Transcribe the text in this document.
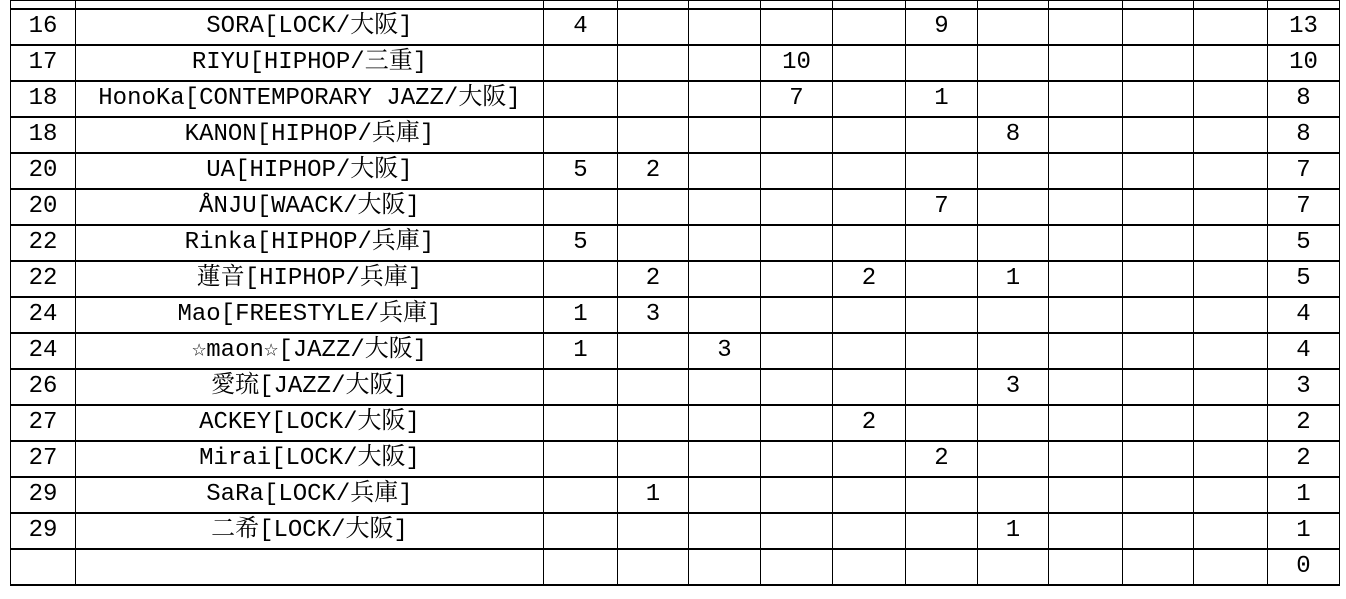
16	SORA[LOCK/大阪]	4					9					13
17	RIYU[HIPHOP/三重]				10							10
18	HonoKa[CONTEMPORARY JAZZ/大阪]				7		1					8
18	KANON[HIPHOP/兵庫]							8				8
20	UA[HIPHOP/大阪]	5	2									7
20	ÅNJU[WAACK/大阪]						7					7
22	Rinka[HIPHOP/兵庫]	5										5
22	蓮音[HIPHOP/兵庫]		2			2		1				5
24	Mao[FREESTYLE/兵庫]	1	3									4
24	☆maon☆[JAZZ/大阪]	1		3								4
26	愛琉[JAZZ/大阪]							3				3
27	ACKEY[LOCK/大阪]					2						2
27	Mirai[LOCK/大阪]						2					2
29	SaRa[LOCK/兵庫]		1									1
29	二希[LOCK/大阪]							1				1
												0
